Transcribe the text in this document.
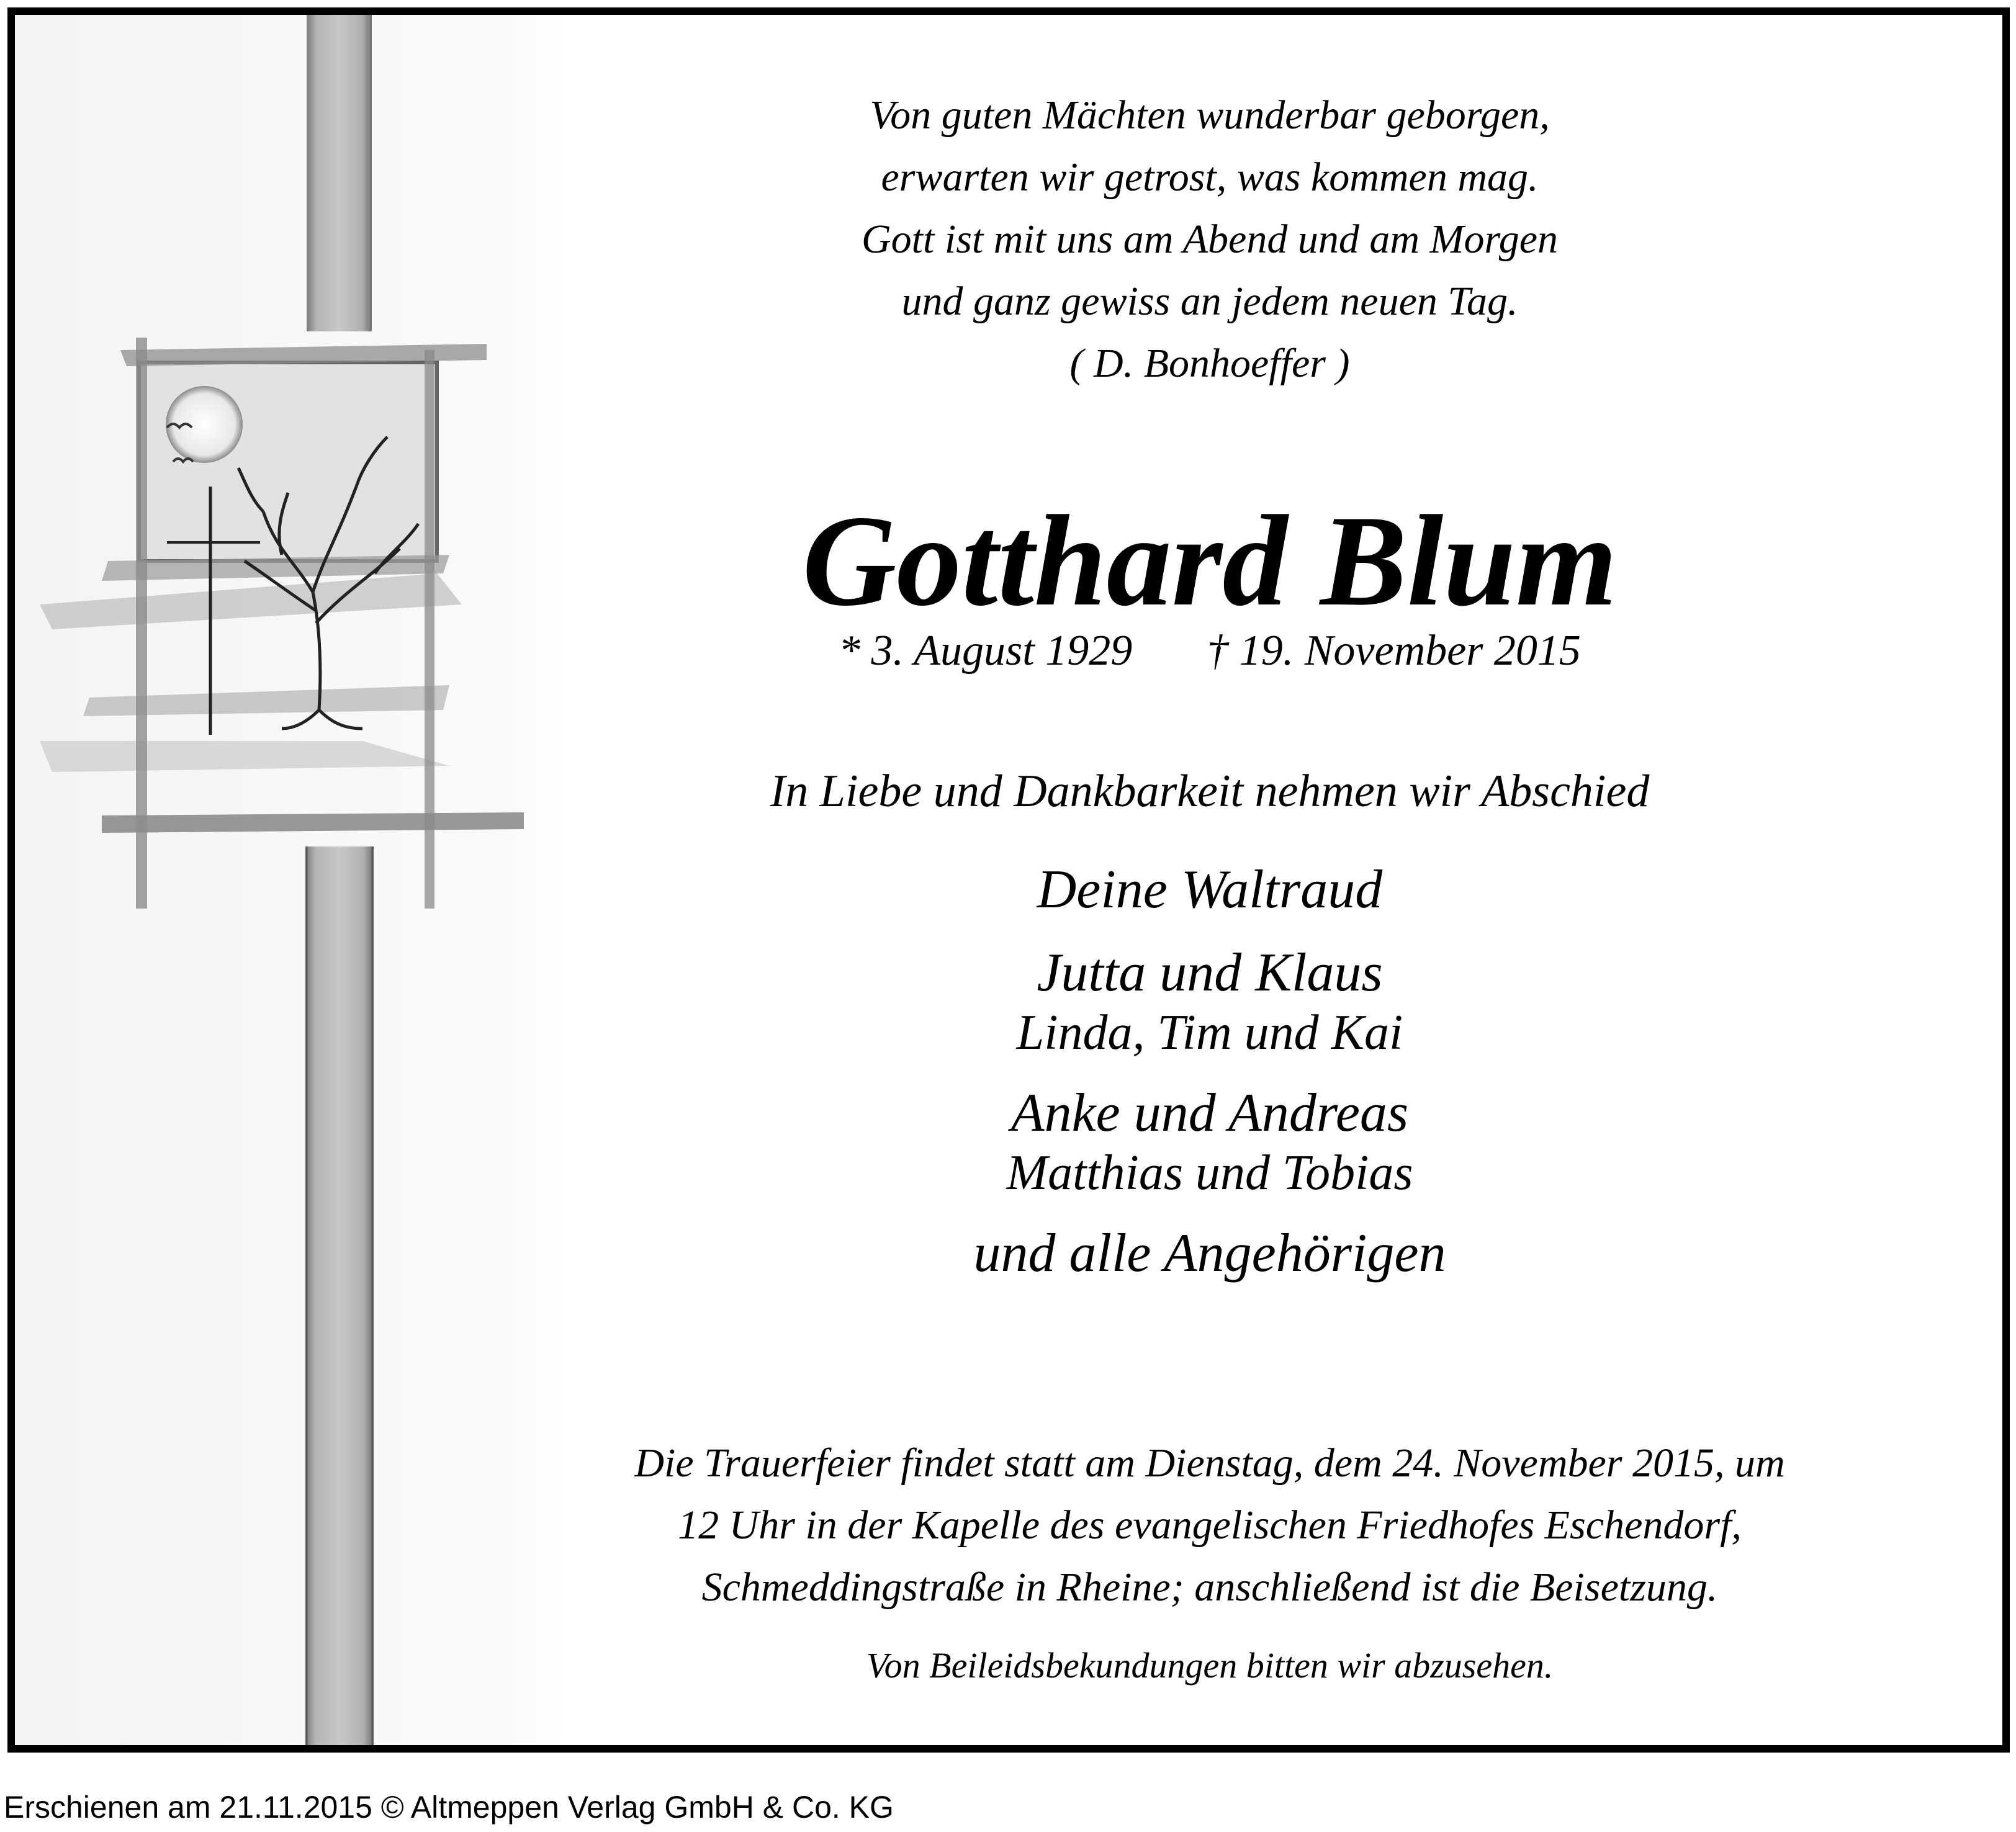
Von guten Mächten wunderbar geborgen,
erwarten wir getrost, was kommen mag.
Gott ist mit uns am Abend und am Morgen
und ganz gewiss an jedem neuen Tag.
( D. Bonhoeffer )
Gotthard Blum
* 3. August 1929 † 19. November 2015
In Liebe und Dankbarkeit nehmen wir Abschied
Deine Waltraud
Jutta und Klaus
Linda, Tim und Kai
Anke und Andreas
Matthias und Tobias
und alle Angehörigen
Die Trauerfeier findet statt am Dienstag, dem 24. November 2015, um
12 Uhr in der Kapelle des evangelischen Friedhofes Eschendorf,
Schmeddingstraße in Rheine; anschließend ist die Beisetzung.
Von Beileidsbekundungen bitten wir abzusehen.
Erschienen am 21.11.2015 © Altmeppen Verlag GmbH & Co. KG
